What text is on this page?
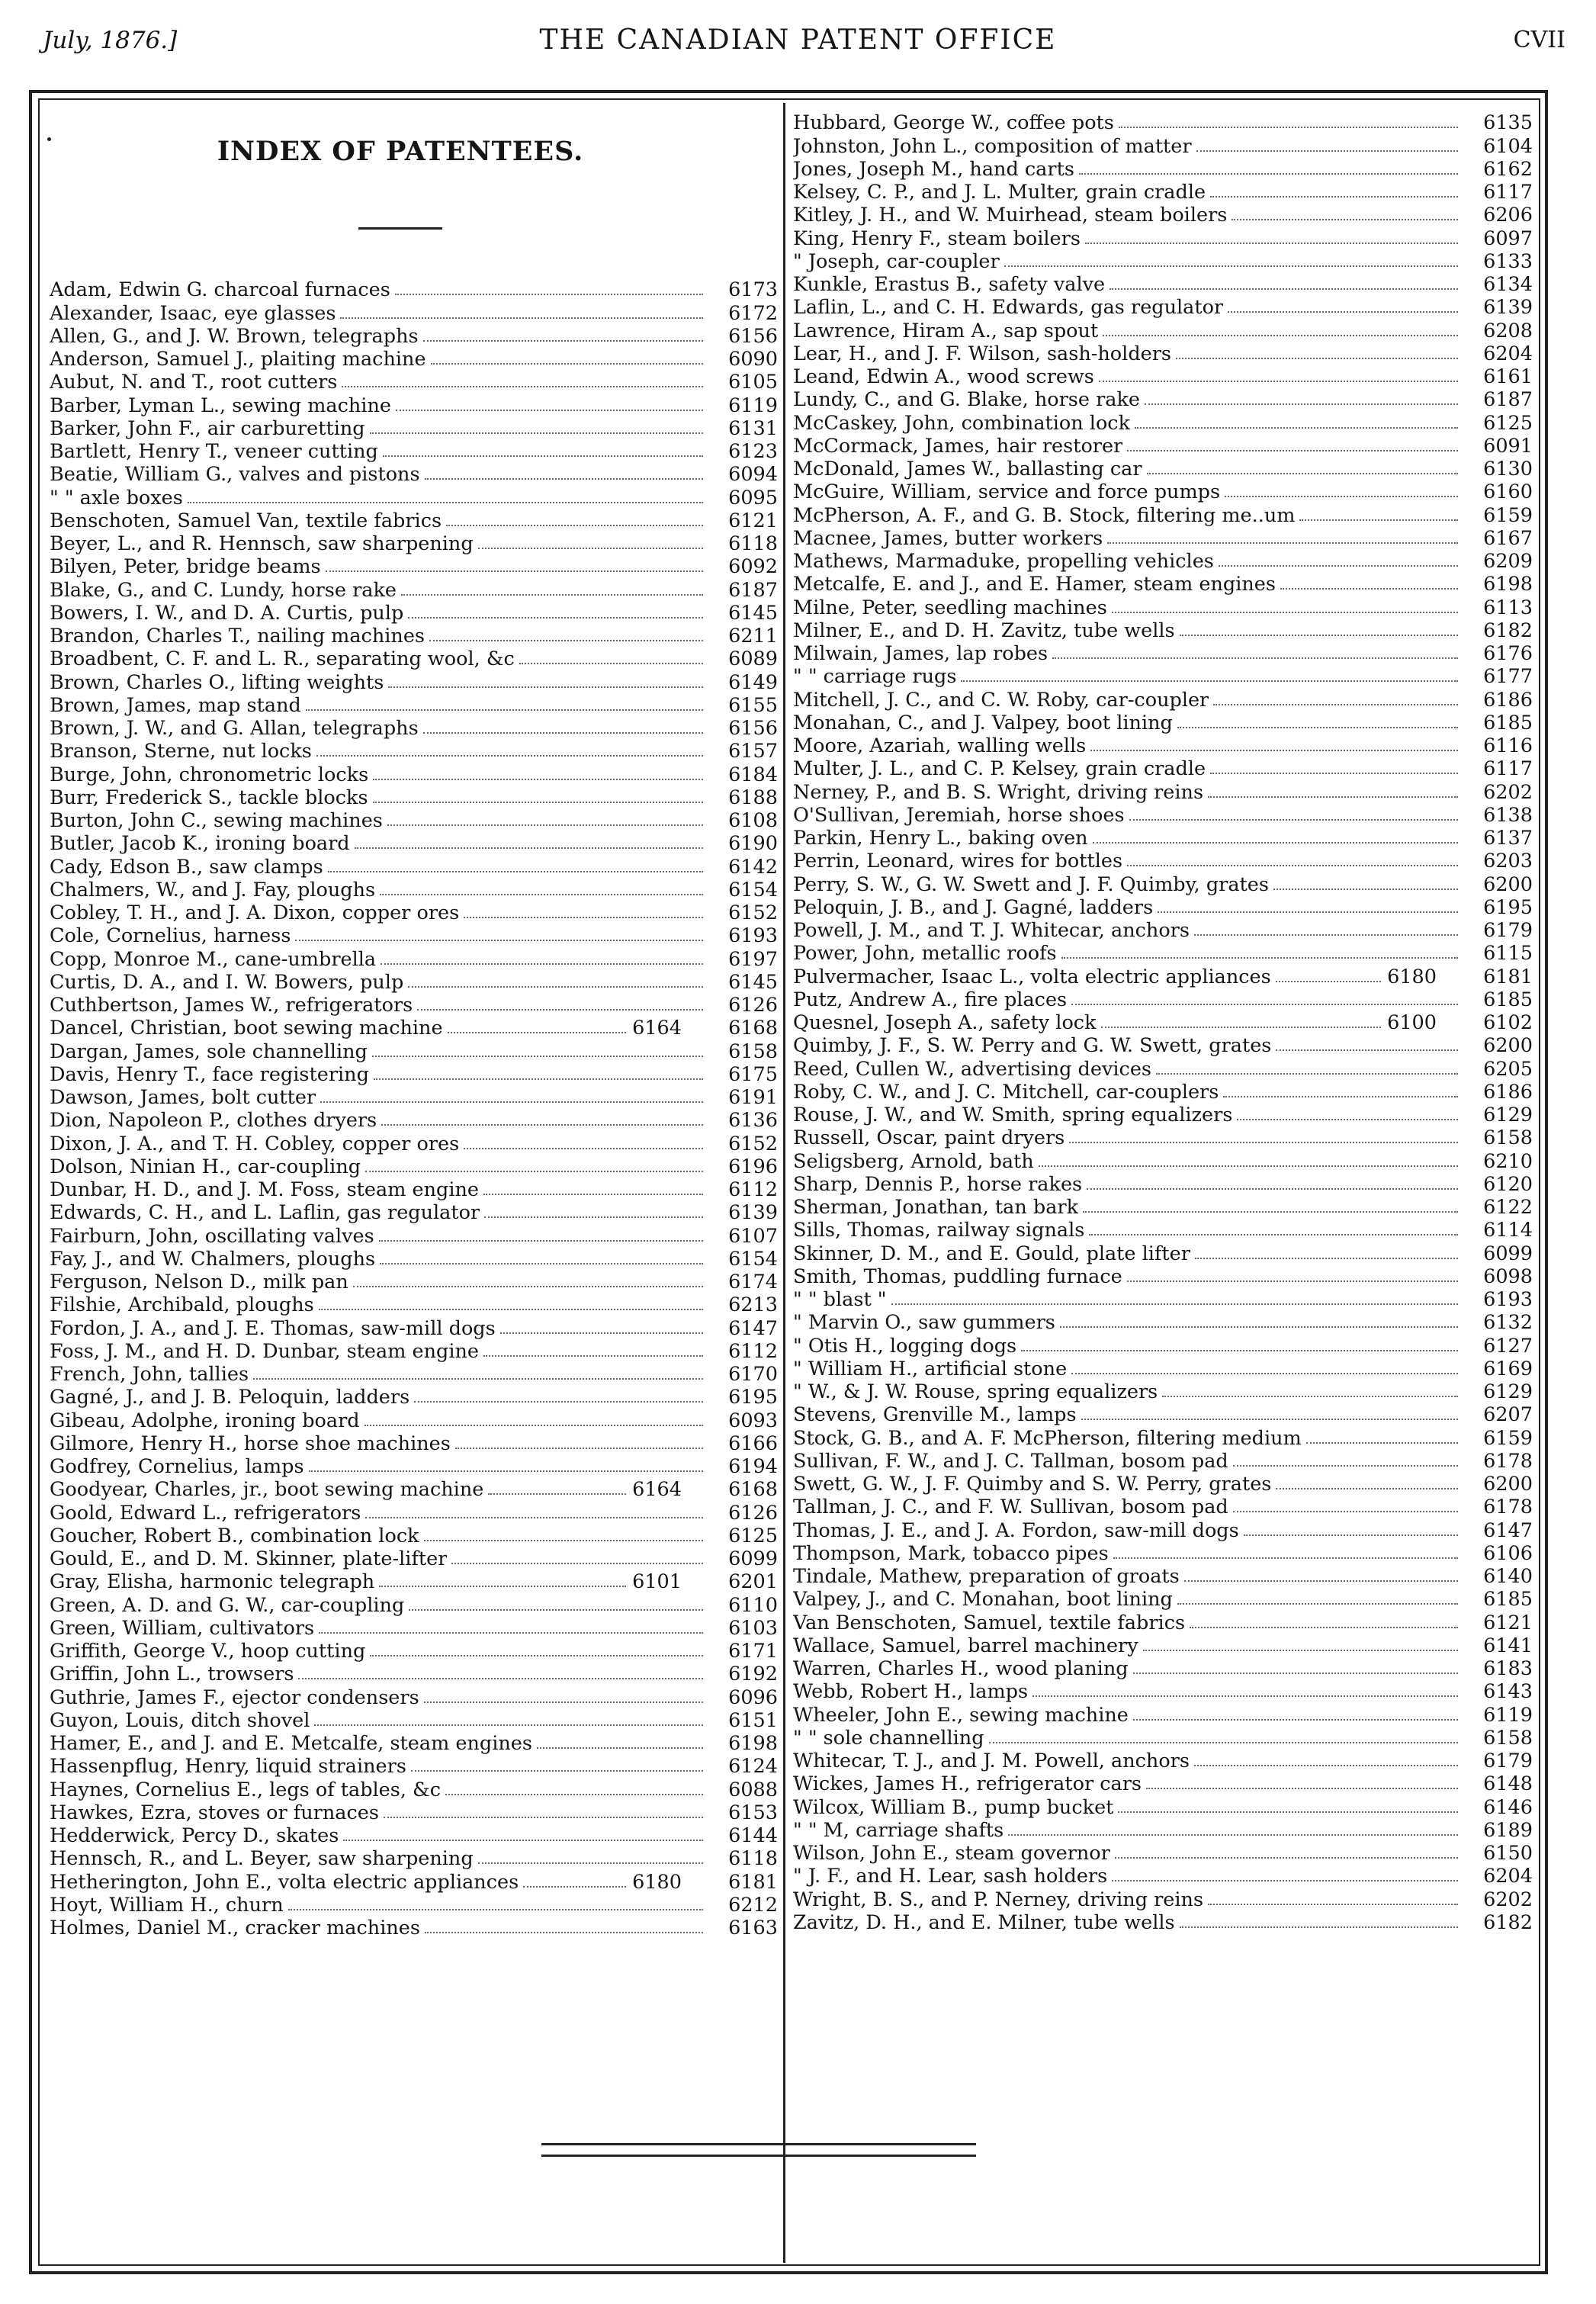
July, 1876.]	THE CANADIAN PATENT OFFICE	CVII
INDEX OF PATENTEES.
Adam, Edwin G. charcoal furnaces	6173
Alexander, Isaac, eye glasses	6172
Allen, G., and J. W. Brown, telegraphs	6156
Anderson, Samuel J., plaiting machine	6090
Aubut, N. and T., root cutters	6105
Barber, Lyman L., sewing machine	6119
Barker, John F., air carburetting	6131
Bartlett, Henry T., veneer cutting	6123
Beatie, William G., valves and pistons	6094
" " axle boxes	6095
Benschoten, Samuel Van, textile fabrics	6121
Beyer, L., and R. Hennsch, saw sharpening	6118
Bilyen, Peter, bridge beams	6092
Blake, G., and C. Lundy, horse rake	6187
Bowers, I. W., and D. A. Curtis, pulp	6145
Brandon, Charles T., nailing machines	6211
Broadbent, C. F. and L. R., separating wool, &c	6089
Brown, Charles O., lifting weights	6149
Brown, James, map stand	6155
Brown, J. W., and G. Allan, telegraphs	6156
Branson, Sterne, nut locks	6157
Burge, John, chronometric locks	6184
Burr, Frederick S., tackle blocks	6188
Burton, John C., sewing machines	6108
Butler, Jacob K., ironing board	6190
Cady, Edson B., saw clamps	6142
Chalmers, W., and J. Fay, ploughs	6154
Cobley, T. H., and J. A. Dixon, copper ores	6152
Cole, Cornelius, harness	6193
Copp, Monroe M., cane-umbrella	6197
Curtis, D. A., and I. W. Bowers, pulp	6145
Cuthbertson, James W., refrigerators	6126
Dancel, Christian, boot sewing machine	6164	6168
Dargan, James, sole channelling	6158
Davis, Henry T., face registering	6175
Dawson, James, bolt cutter	6191
Dion, Napoleon P., clothes dryers	6136
Dixon, J. A., and T. H. Cobley, copper ores	6152
Dolson, Ninian H., car-coupling	6196
Dunbar, H. D., and J. M. Foss, steam engine	6112
Edwards, C. H., and L. Laflin, gas regulator	6139
Fairburn, John, oscillating valves	6107
Fay, J., and W. Chalmers, ploughs	6154
Ferguson, Nelson D., milk pan	6174
Filshie, Archibald, ploughs	6213
Fordon, J. A., and J. E. Thomas, saw-mill dogs	6147
Foss, J. M., and H. D. Dunbar, steam engine	6112
French, John, tallies	6170
Gagné, J., and J. B. Peloquin, ladders	6195
Gibeau, Adolphe, ironing board	6093
Gilmore, Henry H., horse shoe machines	6166
Godfrey, Cornelius, lamps	6194
Goodyear, Charles, jr., boot sewing machine	6164	6168
Goold, Edward L., refrigerators	6126
Goucher, Robert B., combination lock	6125
Gould, E., and D. M. Skinner, plate-lifter	6099
Gray, Elisha, harmonic telegraph	6101	6201
Green, A. D. and G. W., car-coupling	6110
Green, William, cultivators	6103
Griffith, George V., hoop cutting	6171
Griffin, John L., trowsers	6192
Guthrie, James F., ejector condensers	6096
Guyon, Louis, ditch shovel	6151
Hamer, E., and J. and E. Metcalfe, steam engines	6198
Hassenpflug, Henry, liquid strainers	6124
Haynes, Cornelius E., legs of tables, &c	6088
Hawkes, Ezra, stoves or furnaces	6153
Hedderwick, Percy D., skates	6144
Hennsch, R., and L. Beyer, saw sharpening	6118
Hetherington, John E., volta electric appliances	6180	6181
Hoyt, William H., churn	6212
Holmes, Daniel M., cracker machines	6163
Hubbard, George W., coffee pots	6135
Johnston, John L., composition of matter	6104
Jones, Joseph M., hand carts	6162
Kelsey, C. P., and J. L. Multer, grain cradle	6117
Kitley, J. H., and W. Muirhead, steam boilers	6206
King, Henry F., steam boilers	6097
" Joseph, car-coupler	6133
Kunkle, Erastus B., safety valve	6134
Laflin, L., and C. H. Edwards, gas regulator	6139
Lawrence, Hiram A., sap spout	6208
Lear, H., and J. F. Wilson, sash-holders	6204
Leand, Edwin A., wood screws	6161
Lundy, C., and G. Blake, horse rake	6187
McCaskey, John, combination lock	6125
McCormack, James, hair restorer	6091
McDonald, James W., ballasting car	6130
McGuire, William, service and force pumps	6160
McPherson, A. F., and G. B. Stock, filtering me..um	6159
Macnee, James, butter workers	6167
Mathews, Marmaduke, propelling vehicles	6209
Metcalfe, E. and J., and E. Hamer, steam engines	6198
Milne, Peter, seedling machines	6113
Milner, E., and D. H. Zavitz, tube wells	6182
Milwain, James, lap robes	6176
" " carriage rugs	6177
Mitchell, J. C., and C. W. Roby, car-coupler	6186
Monahan, C., and J. Valpey, boot lining	6185
Moore, Azariah, walling wells	6116
Multer, J. L., and C. P. Kelsey, grain cradle	6117
Nerney, P., and B. S. Wright, driving reins	6202
O'Sullivan, Jeremiah, horse shoes	6138
Parkin, Henry L., baking oven	6137
Perrin, Leonard, wires for bottles	6203
Perry, S. W., G. W. Swett and J. F. Quimby, grates	6200
Peloquin, J. B., and J. Gagné, ladders	6195
Powell, J. M., and T. J. Whitecar, anchors	6179
Power, John, metallic roofs	6115
Pulvermacher, Isaac L., volta electric appliances	6180	6181
Putz, Andrew A., fire places	6185
Quesnel, Joseph A., safety lock	6100	6102
Quimby, J. F., S. W. Perry and G. W. Swett, grates	6200
Reed, Cullen W., advertising devices	6205
Roby, C. W., and J. C. Mitchell, car-couplers	6186
Rouse, J. W., and W. Smith, spring equalizers	6129
Russell, Oscar, paint dryers	6158
Seligsberg, Arnold, bath	6210
Sharp, Dennis P., horse rakes	6120
Sherman, Jonathan, tan bark	6122
Sills, Thomas, railway signals	6114
Skinner, D. M., and E. Gould, plate lifter	6099
Smith, Thomas, puddling furnace	6098
" " blast "	6193
" Marvin O., saw gummers	6132
" Otis H., logging dogs	6127
" William H., artificial stone	6169
" W., & J. W. Rouse, spring equalizers	6129
Stevens, Grenville M., lamps	6207
Stock, G. B., and A. F. McPherson, filtering medium	6159
Sullivan, F. W., and J. C. Tallman, bosom pad	6178
Swett, G. W., J. F. Quimby and S. W. Perry, grates	6200
Tallman, J. C., and F. W. Sullivan, bosom pad	6178
Thomas, J. E., and J. A. Fordon, saw-mill dogs	6147
Thompson, Mark, tobacco pipes	6106
Tindale, Mathew, preparation of groats	6140
Valpey, J., and C. Monahan, boot lining	6185
Van Benschoten, Samuel, textile fabrics	6121
Wallace, Samuel, barrel machinery	6141
Warren, Charles H., wood planing	6183
Webb, Robert H., lamps	6143
Wheeler, John E., sewing machine	6119
" " sole channelling	6158
Whitecar, T. J., and J. M. Powell, anchors	6179
Wickes, James H., refrigerator cars	6148
Wilcox, William B., pump bucket	6146
" " M, carriage shafts	6189
Wilson, John E., steam governor	6150
" J. F., and H. Lear, sash holders	6204
Wright, B. S., and P. Nerney, driving reins	6202
Zavitz, D. H., and E. Milner, tube wells	6182
